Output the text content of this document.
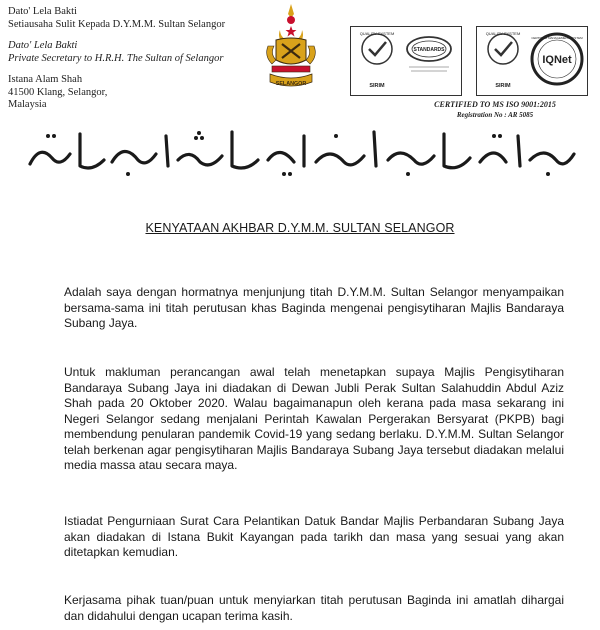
Dato' Lela Bakti
Setiausaha Sulit Kepada D.Y.M.M. Sultan Selangor
Dato' Lela Bakti
Private Secretary to H.R.H. The Sultan of Selangor
Istana Alam Shah
41500 Klang, Selangor,
Malaysia
SELANGOR
QUALITY SYSTEM
STANDARDS
SIRIM
QUALITY SYSTEM
IQNet
CERTIFIED MANAGEMENT SYSTEM
SIRIM
CERTIFIED TO MS ISO 9001:2015
Registration No : AR 5085
KENYATAAN AKHBAR D.Y.M.M. SULTAN SELANGOR

Adalah saya dengan hormatnya menjunjung titah D.Y.M.M. Sultan Selangor menyampaikan bersama-sama ini titah perutusan khas Baginda mengenai pengisytiharan Majlis Bandaraya Subang Jaya.

Untuk makluman perancangan awal telah menetapkan supaya Majlis Pengisytiharan Bandaraya Subang Jaya ini diadakan di Dewan Jubli Perak Sultan Salahuddin Abdul Aziz Shah pada 20 Oktober 2020. Walau bagaimanapun oleh kerana pada masa sekarang ini Negeri Selangor sedang menjalani Perintah Kawalan Pergerakan Bersyarat (PKPB) bagi membendung penularan pandemik Covid-19 yang sedang berlaku. D.Y.M.M. Sultan Selangor telah berkenan agar pengisytiharan Majlis Bandaraya Subang Jaya tersebut diadakan melalui media massa atau secara maya.

Istiadat Pengurniaan Surat Cara Pelantikan Datuk Bandar Majlis Perbandaran Subang Jaya akan diadakan di Istana Bukit Kayangan pada tarikh dan masa yang sesuai yang akan ditetapkan kemudian.

Kerjasama pihak tuan/puan untuk menyiarkan titah perutusan Baginda ini amatlah dihargai dan didahului dengan ucapan terima kasih.
